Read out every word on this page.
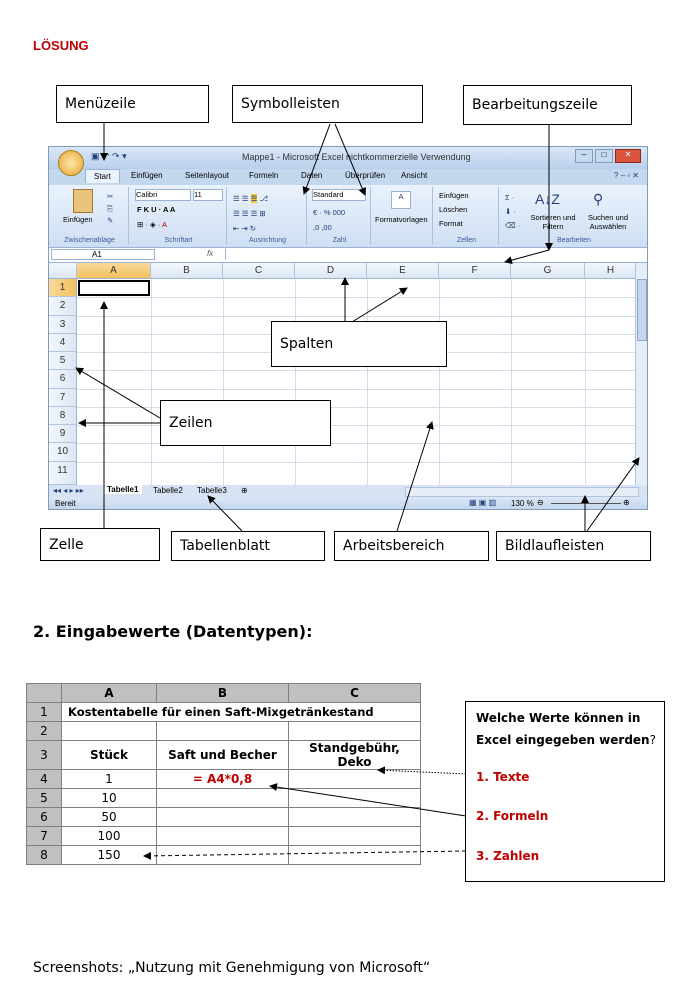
LÖSUNG
Menüzeile	Symbolleisten	Bearbeitungszeile
▣ ↶ ↷ ▾	Mappe1 - Microsoft Excel nichtkommerzielle Verwendung	–	□	✕
Start	Einfügen	Seitenlayout Formeln	Daten	Überprüfen Ansicht	? – ▫ ✕
Einfügen
✂
⎘
✎
Zwischenablage
Calibri	11
F K U · A A
⊞ · ◈ · A
Schriftart
☰ ☰ ☰ ⎇
☰ ☰ ☰ ⊞
⇤ ⇥ ↻
Ausrichtung
Standard
€ · % 000
,0 ,00
Zahl
A
Formatvorlagen
Einfügen
Löschen
Format
Zellen
Σ ·
⬇ ·
⌫ ·
A↓Z
Sortieren und Filtern
⚲
Suchen und Auswählen
Bearbeiten
A1	fx
A	B	C	D	E	F	G	H
1
2
3
4
5
6
7
8
9
10
11
◂◂ ◂ ▸ ▸▸	Tabelle1	Tabelle2 Tabelle3 ⊕
Bereit	▦ ▣ ▥ 130 % ⊖	⊕
Spalten
Zeilen
Zelle	Tabellenblatt	Arbeitsbereich	Bildlaufleisten
2. Eingabewerte (Datentypen):
	A	B	C
1	Kostentabelle für einen Saft-Mixgetränkestand		
2			
3	Stück	Saft und Becher	Standgebühr, Deko
4	1	= A4*0,8	
5	10		
6	50		
7	100		
8	150		
Welche Werte können in
Excel eingegeben werden?
1. Texte
2. Formeln
3. Zahlen
Screenshots: „Nutzung mit Genehmigung von Microsoft“
